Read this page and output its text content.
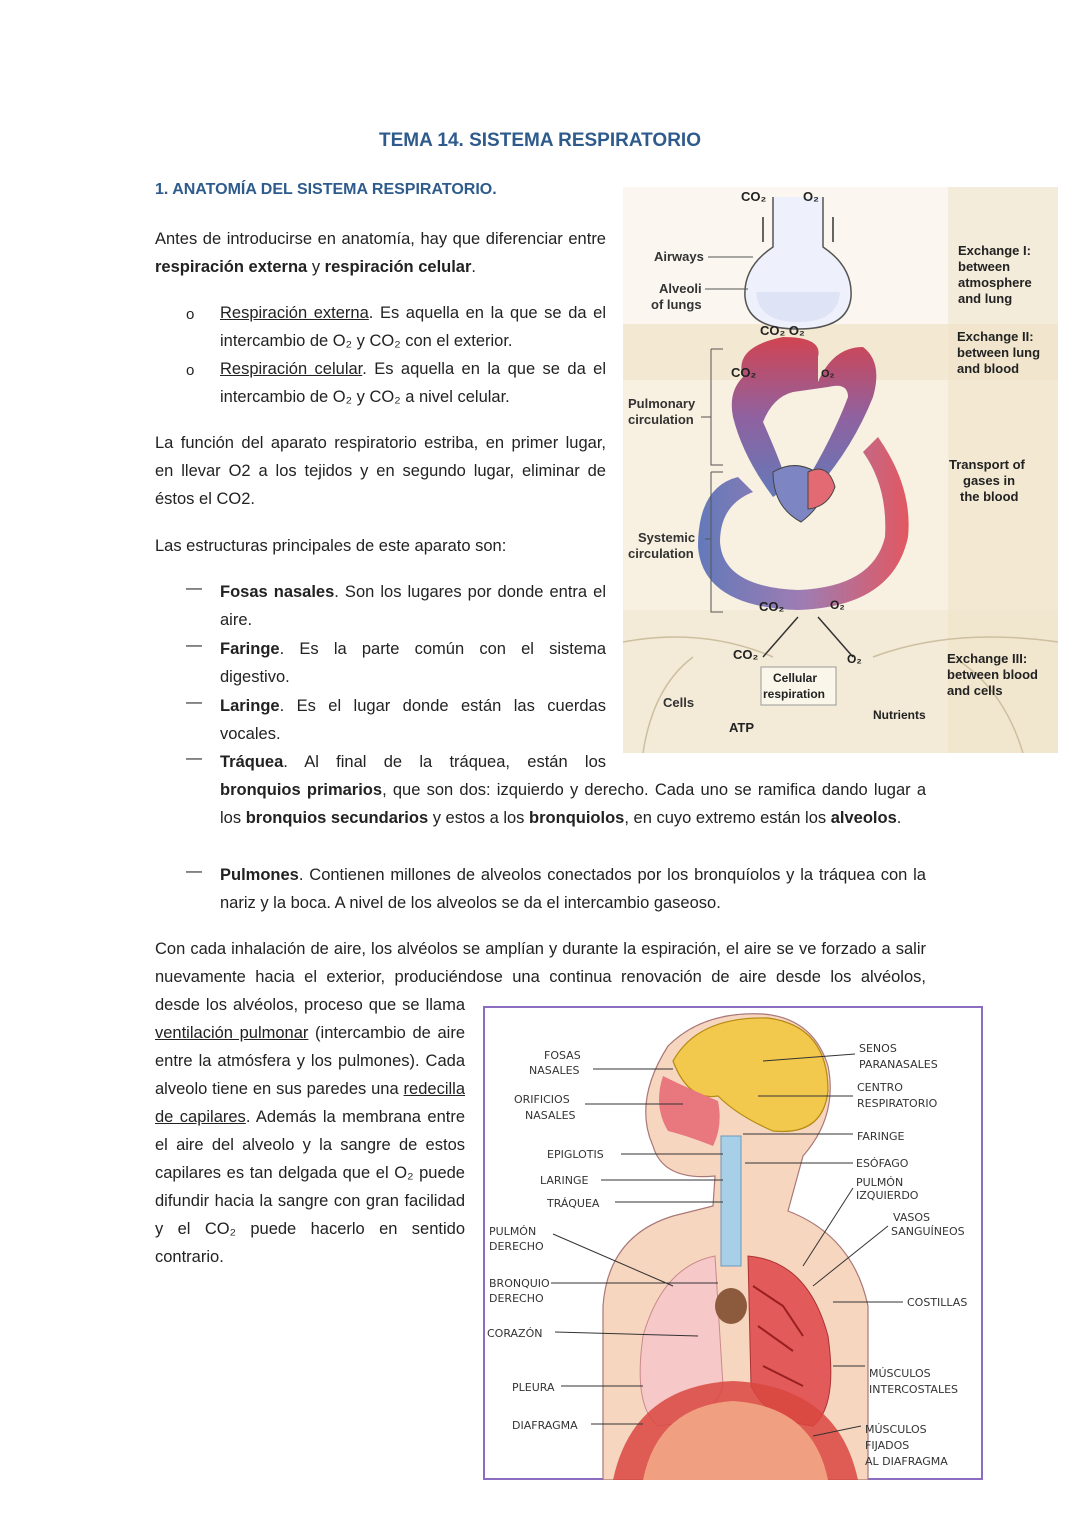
TEMA 14. SISTEMA RESPIRATORIO
1. ANATOMÍA DEL SISTEMA RESPIRATORIO.
Antes de introducirse en anatomía, hay que diferenciar entre respiración externa y respiración celular.
o Respiración externa. Es aquella en la que se da el intercambio de O₂ y CO₂ con el exterior.
o Respiración celular. Es aquella en la que se da el intercambio de O₂ y CO₂ a nivel celular.
La función del aparato respiratorio estriba, en primer lugar, en llevar O2 a los tejidos y en segundo lugar, eliminar de éstos el CO2.
Las estructuras principales de este aparato son:
— Fosas nasales. Son los lugares por donde entra el aire.
— Faringe. Es la parte común con el sistema digestivo.
— Laringe. Es el lugar donde están las cuerdas vocales.
— Tráquea. Al final de la tráquea, están los
bronquios primarios, que son dos: izquierdo y derecho. Cada uno se ramifica dando lugar a los bronquios secundarios y estos a los bronquiolos, en cuyo extremo están los alveolos.
— Pulmones. Contienen millones de alveolos conectados por los bronquíolos y la tráquea con la nariz y la boca. A nivel de los alveolos se da el intercambio gaseoso.
Con cada inhalación de aire, los alvéolos se amplían y durante la espiración, el aire se ve forzado a salir nuevamente hacia el exterior, produciéndose una continua renovación de aire desde los alvéolos,
desde los alvéolos, proceso que se llama ventilación pulmonar (intercambio de aire entre la atmósfera y los pulmones). Cada alveolo tiene en sus paredes una redecilla de capilares. Además la membrana entre el aire del alveolo y la sangre de estos capilares es tan delgada que el O₂ puede difundir hacia la sangre con gran facilidad y el CO₂ puede hacerlo en sentido contrario.
CO₂	O₂
CO₂ O₂
CO₂	O₂
CO₂	O₂
CO₂	O₂
Cellular
respiration
ATP
Nutrients
Airways
Alveoli
of lungs
Pulmonary
circulation
Systemic
circulation
Cells
Exchange I:
between
atmosphere
and lung
Exchange II:
between lung
and blood
Transport of
gases in
the blood
Exchange III:
between blood
and cells
FOSAS
NASALES
ORIFICIOS
NASALES
EPIGLOTIS
LARINGE
TRÁQUEA
PULMÓN
DERECHO
BRONQUIO
DERECHO
CORAZÓN
PLEURA
DIAFRAGMA
SENOS
PARANASALES
CENTRO
RESPIRATORIO
FARINGE
ESÓFAGO
PULMÓN
IZQUIERDO
VASOS
SANGUÍNEOS
COSTILLAS
MÚSCULOS
INTERCOSTALES
MÚSCULOS
FIJADOS
AL DIAFRAGMA
